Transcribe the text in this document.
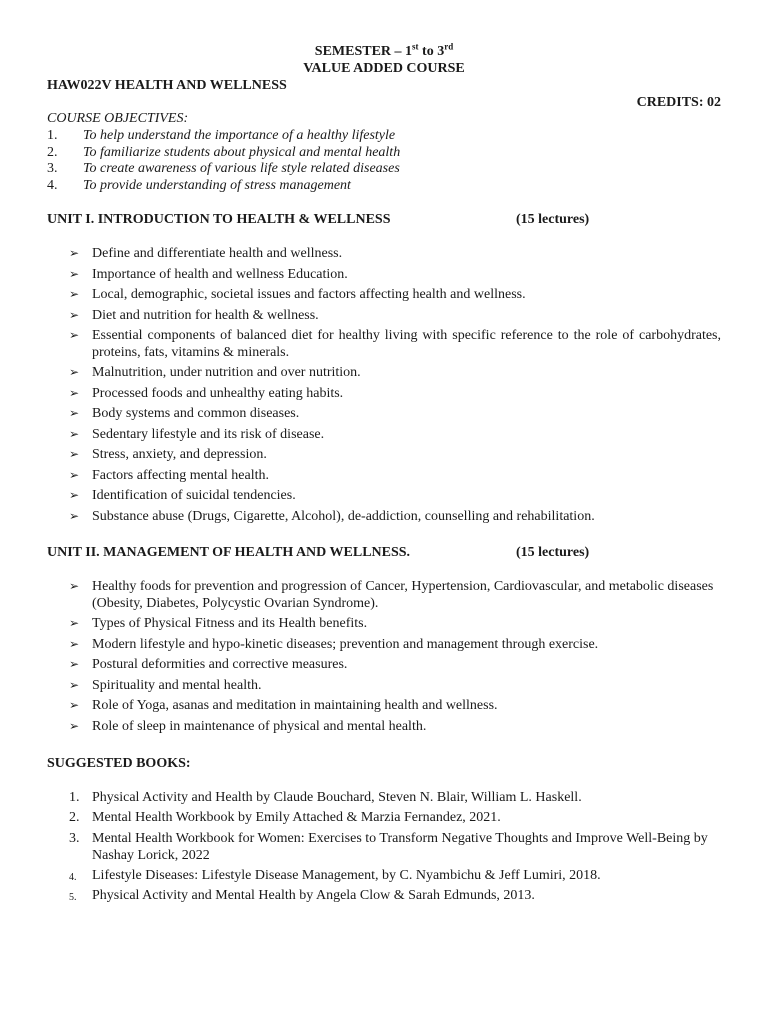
SEMESTER – 1st to 3rd
VALUE ADDED COURSE
HAW022V HEALTH AND WELLNESS
CREDITS: 02
COURSE OBJECTIVES:
1. To help understand the importance of a healthy lifestyle
2. To familiarize students about physical and mental health
3. To create awareness of various life style related diseases
4. To provide understanding of stress management
UNIT I. INTRODUCTION TO HEALTH & WELLNESS	(15 lectures)
➢ Define and differentiate health and wellness.
➢ Importance of health and wellness Education.
➢ Local, demographic, societal issues and factors affecting health and wellness.
➢ Diet and nutrition for health & wellness.
➢ Essential components of balanced diet for healthy living with specific reference to the role of carbohydrates, proteins, fats, vitamins & minerals.
➢ Malnutrition, under nutrition and over nutrition.
➢ Processed foods and unhealthy eating habits.
➢ Body systems and common diseases.
➢ Sedentary lifestyle and its risk of disease.
➢ Stress, anxiety, and depression.
➢ Factors affecting mental health.
➢ Identification of suicidal tendencies.
➢ Substance abuse (Drugs, Cigarette, Alcohol), de-addiction, counselling and rehabilitation.
UNIT II. MANAGEMENT OF HEALTH AND WELLNESS.	(15 lectures)
➢ Healthy foods for prevention and progression of Cancer, Hypertension, Cardiovascular, and metabolic diseases (Obesity, Diabetes, Polycystic Ovarian Syndrome).
➢ Types of Physical Fitness and its Health benefits.
➢ Modern lifestyle and hypo-kinetic diseases; prevention and management through exercise.
➢ Postural deformities and corrective measures.
➢ Spirituality and mental health.
➢ Role of Yoga, asanas and meditation in maintaining health and wellness.
➢ Role of sleep in maintenance of physical and mental health.
SUGGESTED BOOKS:
1. Physical Activity and Health by Claude Bouchard, Steven N. Blair, William L. Haskell.
2. Mental Health Workbook by Emily Attached & Marzia Fernandez, 2021.
3. Mental Health Workbook for Women: Exercises to Transform Negative Thoughts and Improve Well-Being by Nashay Lorick, 2022
4. Lifestyle Diseases: Lifestyle Disease Management, by C. Nyambichu & Jeff Lumiri, 2018.
5. Physical Activity and Mental Health by Angela Clow & Sarah Edmunds, 2013.
